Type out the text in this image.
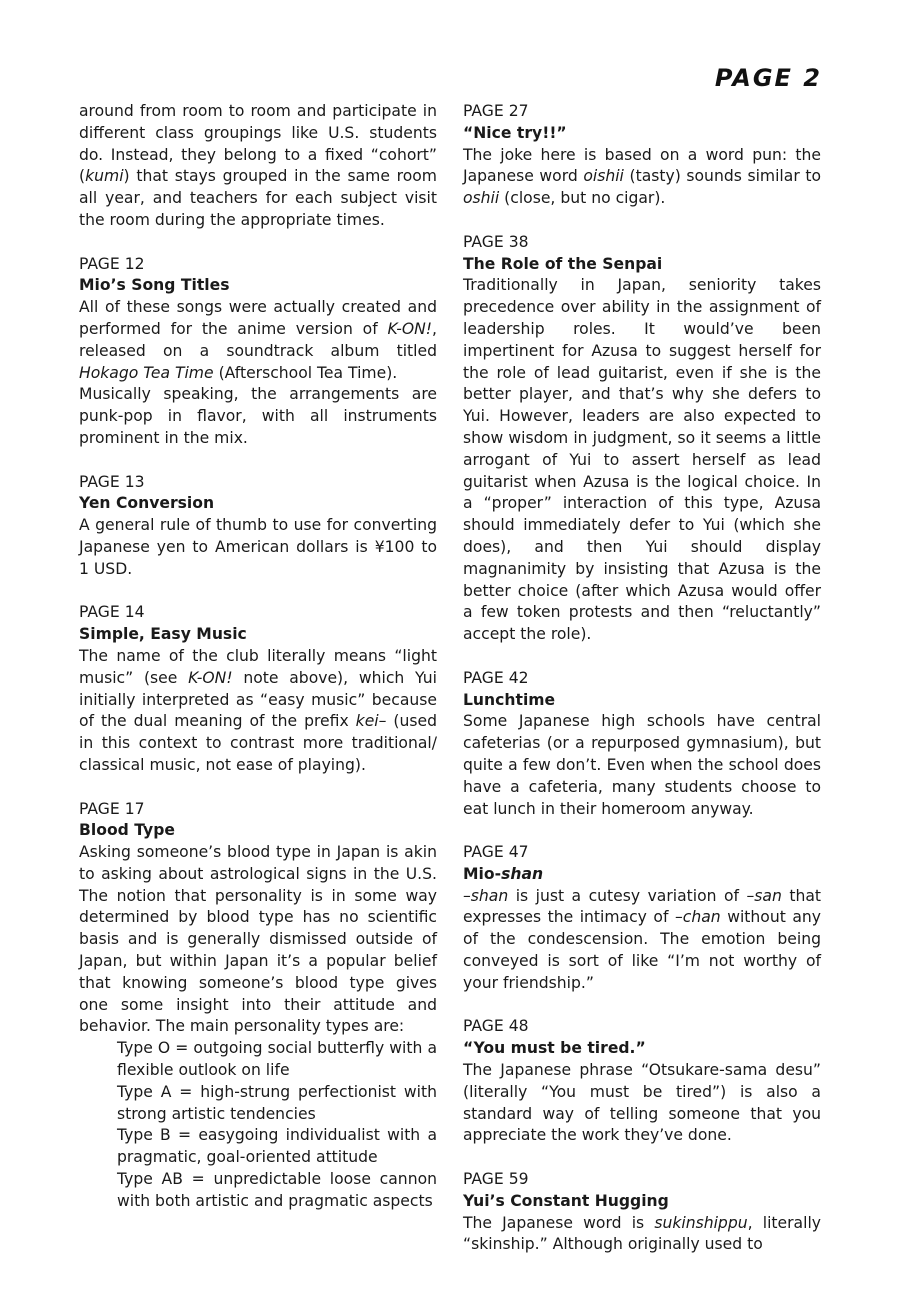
PAGE 2

around from room to room and participate in different class groupings like U.S. students do. Instead, they belong to a fixed “cohort” (kumi) that stays grouped in the same room all year, and teachers for each subject visit the room during the appropriate times.

PAGE 12
Mio’s Song Titles

All of these songs were actually created and performed for the anime version of K-ON!, released on a soundtrack album titled Hokago Tea Time (Afterschool Tea Time).

Musically speaking, the arrangements are punk-pop in flavor, with all instruments prominent in the mix.

PAGE 13
Yen Conversion

A general rule of thumb to use for converting Japanese yen to American dollars is ¥100 to 1 USD.

PAGE 14
Simple, Easy Music

The name of the club literally means “light music” (see K-ON! note above), which Yui initially interpreted as “easy music” because of the dual meaning of the prefix kei– (used in this context to contrast more traditional/ classical music, not ease of playing).

PAGE 17
Blood Type

Asking someone’s blood type in Japan is akin to asking about astrological signs in the U.S. The notion that personality is in some way determined by blood type has no scientific basis and is generally dismissed outside of Japan, but within Japan it’s a popular belief that knowing someone’s blood type gives one some insight into their attitude and behavior. The main personality types are:

Type O = outgoing social butterfly with a flexible outlook on life

Type A = high-strung perfectionist with strong artistic tendencies

Type B = easygoing individualist with a pragmatic, goal-oriented attitude

Type AB = unpredictable loose cannon with both artistic and pragmatic aspects

PAGE 27
“Nice try!!”

The joke here is based on a word pun: the Japanese word oishii (tasty) sounds similar to oshii (close, but no cigar).

PAGE 38
The Role of the Senpai

Traditionally in Japan, seniority takes precedence over ability in the assignment of leadership roles. It would’ve been impertinent for Azusa to suggest herself for the role of lead guitarist, even if she is the better player, and that’s why she defers to Yui. However, leaders are also expected to show wisdom in judgment, so it seems a little arrogant of Yui to assert herself as lead guitarist when Azusa is the logical choice. In a “proper” interaction of this type, Azusa should immediately defer to Yui (which she does), and then Yui should display magnanimity by insisting that Azusa is the better choice (after which Azusa would offer a few token protests and then “reluctantly” accept the role).

PAGE 42
Lunchtime

Some Japanese high schools have central cafeterias (or a repurposed gymnasium), but quite a few don’t. Even when the school does have a cafeteria, many students choose to eat lunch in their homeroom anyway.

PAGE 47
Mio-shan

–shan is just a cutesy variation of –san that expresses the intimacy of –chan without any of the condescension. The emotion being conveyed is sort of like “I’m not worthy of your friendship.”

PAGE 48
“You must be tired.”

The Japanese phrase “Otsukare-sama desu” (literally “You must be tired”) is also a standard way of telling someone that you appreciate the work they’ve done.

PAGE 59
Yui’s Constant Hugging

The Japanese word is sukinshippu, literally “skinship.” Although originally used to
